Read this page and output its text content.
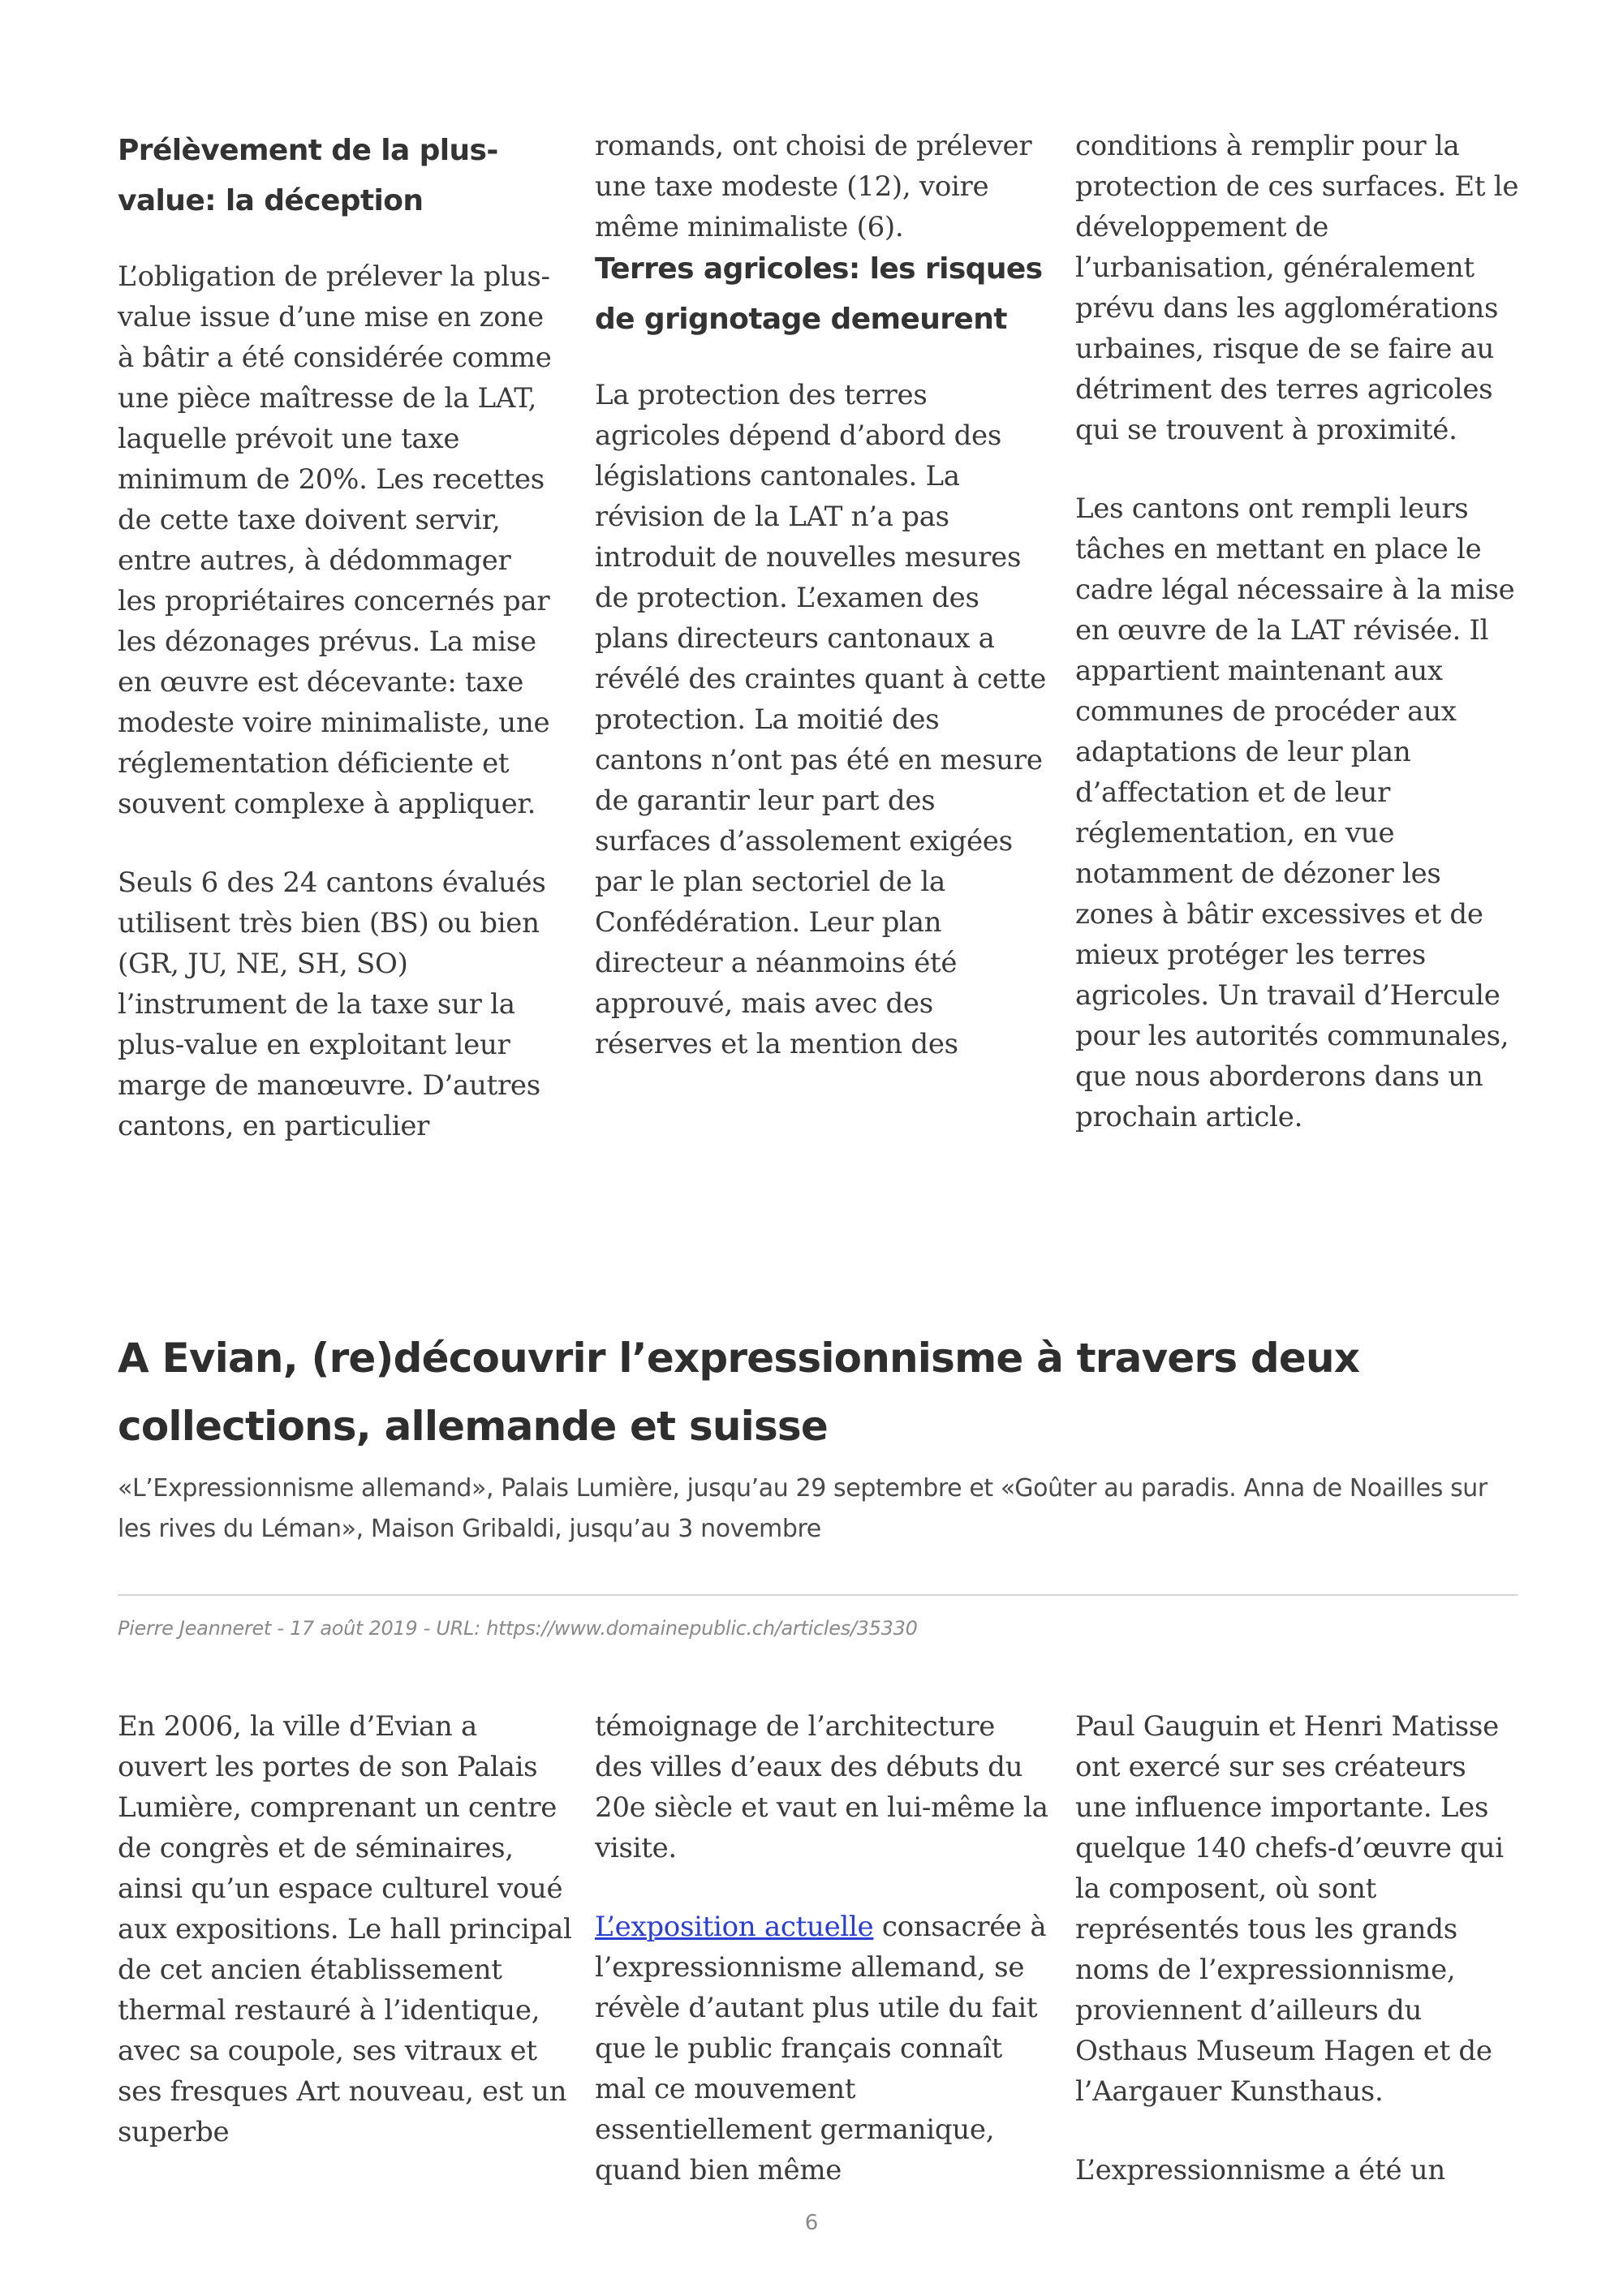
Prélèvement de la plus-value: la déception

L’obligation de prélever la plus-value issue d’une mise en zone à bâtir a été considérée comme une pièce maîtresse de la LAT, laquelle prévoit une taxe minimum de 20%. Les recettes de cette taxe doivent servir, entre autres, à dédommager les propriétaires concernés par les dézonages prévus. La mise en œuvre est décevante: taxe modeste voire minimaliste, une réglementation déficiente et souvent complexe à appliquer.

Seuls 6 des 24 cantons évalués utilisent très bien (BS) ou bien (GR, JU, NE, SH, SO) l’instrument de la taxe sur la plus-value en exploitant leur marge de manœuvre. D’autres cantons, en particulier

romands, ont choisi de prélever une taxe modeste (12), voire même minimaliste (6).

Terres agricoles: les risques de grignotage demeurent

La protection des terres agricoles dépend d’abord des législations cantonales. La révision de la LAT n’a pas introduit de nouvelles mesures de protection. L’examen des plans directeurs cantonaux a révélé des craintes quant à cette protection. La moitié des cantons n’ont pas été en mesure de garantir leur part des surfaces d’assolement exigées par le plan sectoriel de la Confédération. Leur plan directeur a néanmoins été approuvé, mais avec des réserves et la mention des

conditions à remplir pour la protection de ces surfaces. Et le développement de l’urbanisation, généralement prévu dans les agglomérations urbaines, risque de se faire au détriment des terres agricoles qui se trouvent à proximité.

Les cantons ont rempli leurs tâches en mettant en place le cadre légal nécessaire à la mise en œuvre de la LAT révisée. Il appartient maintenant aux communes de procéder aux adaptations de leur plan d’affectation et de leur réglementation, en vue notamment de dézoner les zones à bâtir excessives et de mieux protéger les terres agricoles. Un travail d’Hercule pour les autorités communales, que nous aborderons dans un prochain article.

A Evian, (re)découvrir l’expressionnisme à travers deux collections, allemande et suisse

«L’Expressionnisme allemand», Palais Lumière, jusqu’au 29 septembre et «Goûter au paradis. Anna de Noailles sur les rives du Léman», Maison Gribaldi, jusqu’au 3 novembre

Pierre Jeanneret - 17 août 2019 - URL: https://www.domainepublic.ch/articles/35330

En 2006, la ville d’Evian a ouvert les portes de son Palais Lumière, comprenant un centre de congrès et de séminaires, ainsi qu’un espace culturel voué aux expositions. Le hall principal de cet ancien établissement thermal restauré à l’identique, avec sa coupole, ses vitraux et ses fresques Art nouveau, est un superbe

témoignage de l’architecture des villes d’eaux des débuts du 20e siècle et vaut en lui-même la visite.

L’exposition actuelle consacrée à l’expressionnisme allemand, se révèle d’autant plus utile du fait que le public français connaît mal ce mouvement essentiellement germanique, quand bien même

Paul Gauguin et Henri Matisse ont exercé sur ses créateurs une influence importante. Les quelque 140 chefs-d’œuvre qui la composent, où sont représentés tous les grands noms de l’expressionnisme, proviennent d’ailleurs du Osthaus Museum Hagen et de l’Aargauer Kunsthaus.

L’expressionnisme a été un

6
